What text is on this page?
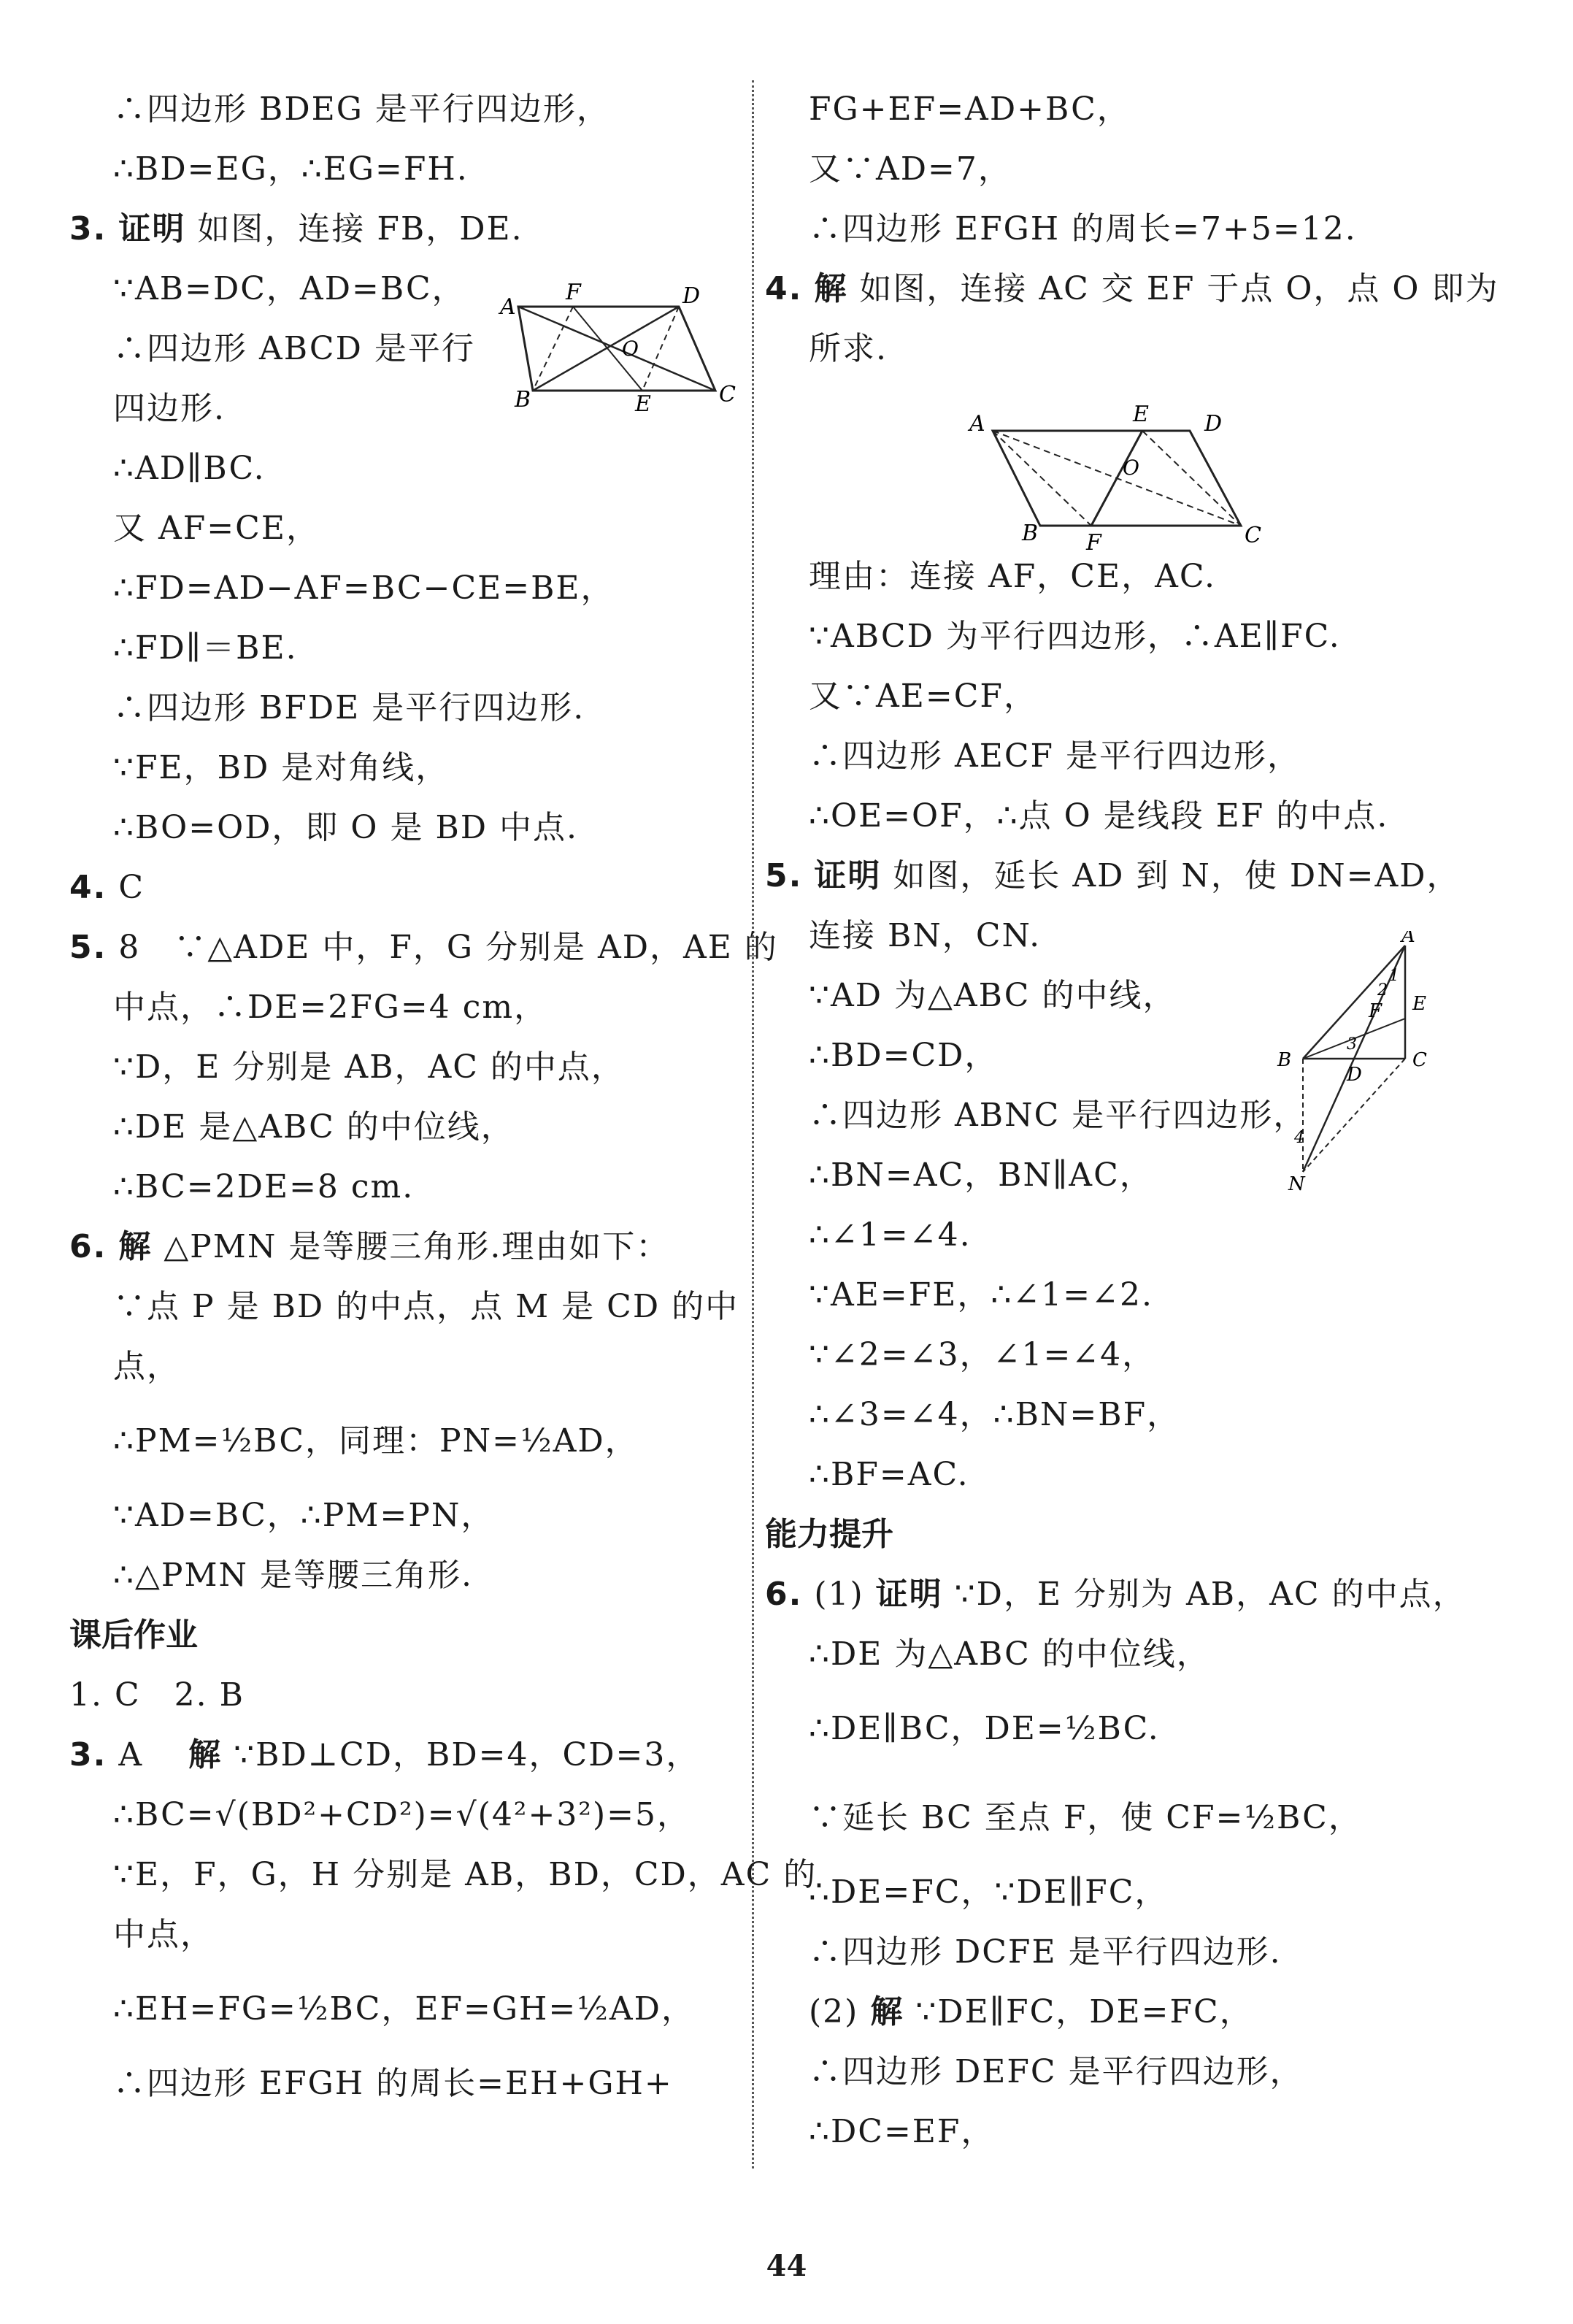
∴四边形 BDEG 是平行四边形，
∴BD=EG，∴EG=FH.
3. 证明 如图，连接 FB，DE.
∵AB=DC，AD=BC，
∴四边形 ABCD 是平行
四边形.
∴AD∥BC.
又 AF=CE，
∴FD=AD−AF=BC−CE=BE，
∴FD∥＝BE.
∴四边形 BFDE 是平行四边形.
∵FE，BD 是对角线，
∴BO=OD，即 O 是 BD 中点.
4. C
5. 8　∵△ADE 中，F，G 分别是 AD，AE 的
中点，∴DE=2FG=4 cm，
∵D，E 分别是 AB，AC 的中点，
∴DE 是△ABC 的中位线，
∴BC=2DE=8 cm.
6. 解 △PMN 是等腰三角形.理由如下：
∵点 P 是 BD 的中点，点 M 是 CD 的中
点，
∴PM=½BC，同理：PN=½AD，
∵AD=BC，∴PM=PN，
∴△PMN 是等腰三角形.
课后作业
1. C　2. B
3. A　 解 ∵BD⊥CD，BD=4，CD=3，
∴BC=√(BD²+CD²)=√(4²+3²)=5，
∵E，F，G，H 分别是 AB，BD，CD，AC 的
中点，
∴EH=FG=½BC，EF=GH=½AD，
∴四边形 EFGH 的周长=EH+GH+
A
F	D
O
B	E	C
FG+EF=AD+BC，
又∵AD=7，
∴四边形 EFGH 的周长=7+5=12.
4. 解 如图，连接 AC 交 EF 于点 O，点 O 即为
所求.
理由：连接 AF，CE，AC.
∵ABCD 为平行四边形，∴AE∥FC.
又∵AE=CF，
∴四边形 AECF 是平行四边形，
∴OE=OF，∴点 O 是线段 EF 的中点.
5. 证明 如图，延长 AD 到 N，使 DN=AD，
连接 BN，CN.
∵AD 为△ABC 的中线，
∴BD=CD，
∴四边形 ABNC 是平行四边形，
∴BN=AC，BN∥AC，
∴∠1=∠4.
∵AE=FE，∴∠1=∠2.
∵∠2=∠3，∠1=∠4，
∴∠3=∠4，∴BN=BF，
∴BF=AC.
能力提升
6. (1) 证明 ∵D，E 分别为 AB，AC 的中点，
∴DE 为△ABC 的中位线，
∴DE∥BC，DE=½BC.
∵延长 BC 至点 F，使 CF=½BC，
∴DE=FC，∵DE∥FC，
∴四边形 DCFE 是平行四边形.
(2) 解 ∵DE∥FC，DE=FC，
∴四边形 DEFC 是平行四边形，
∴DC=EF，
A	E	D
O
B F	C
A
1
2
E
F
3
B
D
C
4
N
44
